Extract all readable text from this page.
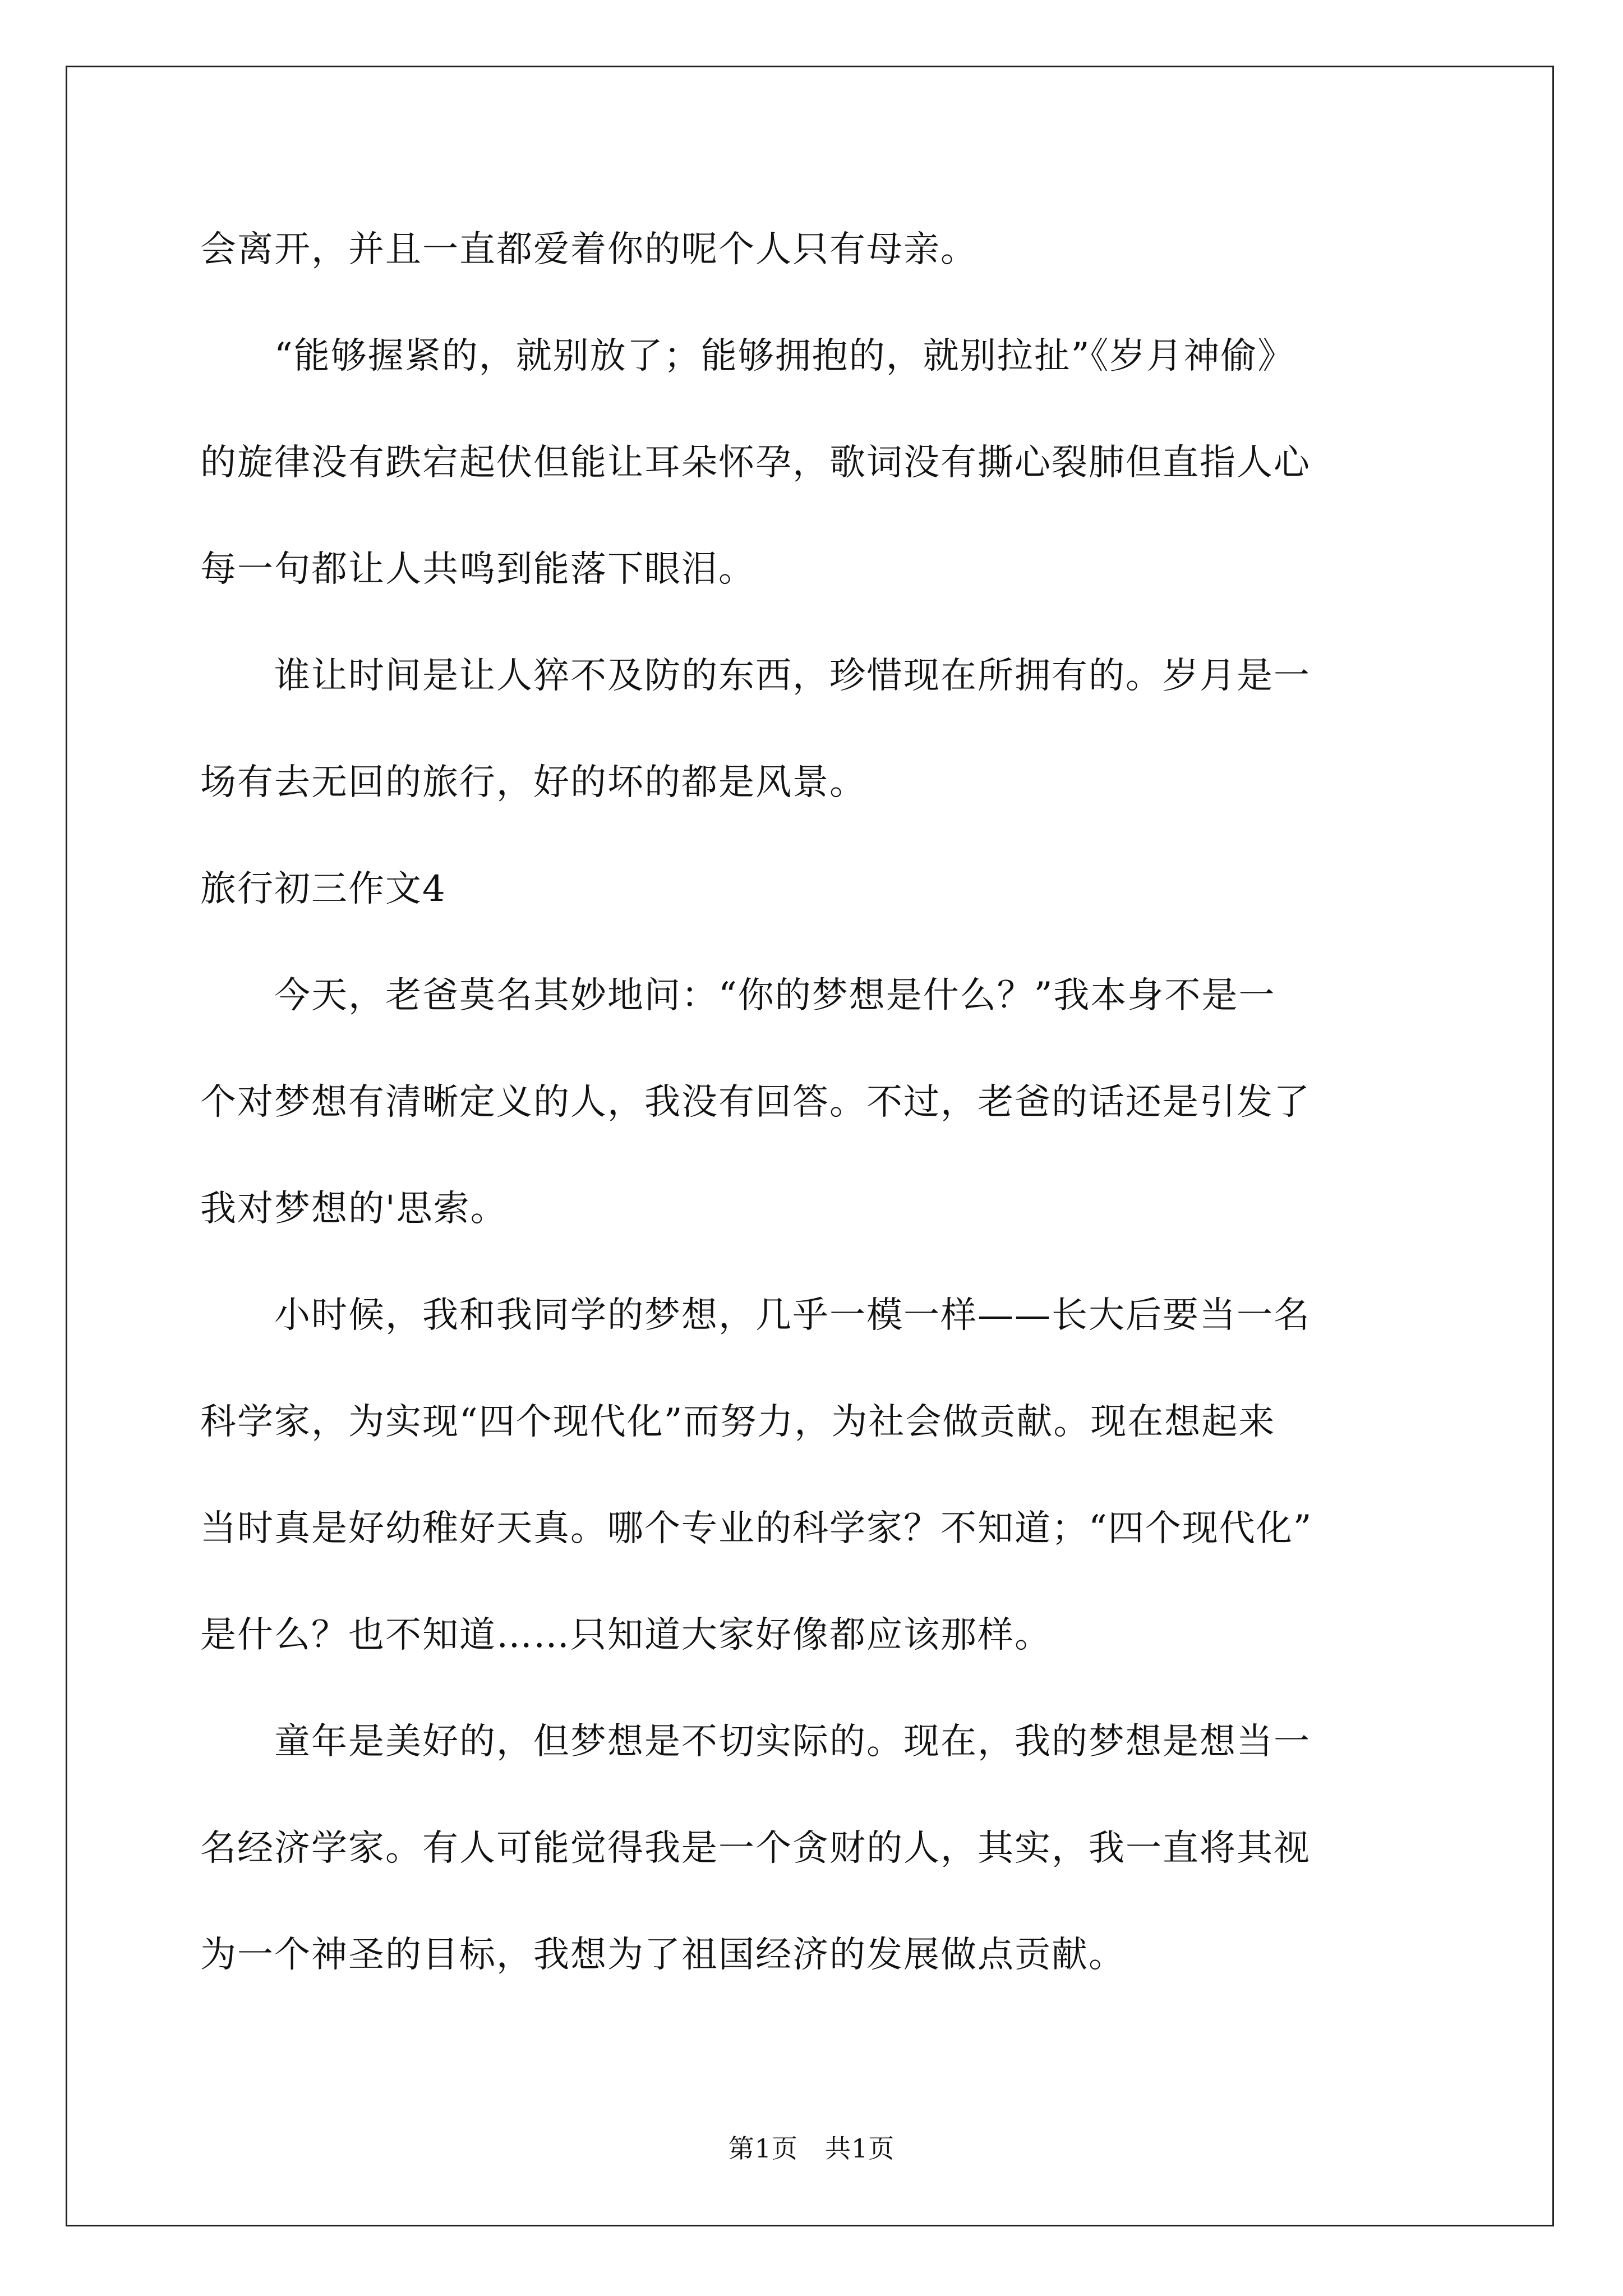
会离开，并且一直都爱着你的呢个人只有母亲。
　　“能够握紧的，就别放了；能够拥抱的，就别拉扯”《岁月神偷》
的旋律没有跌宕起伏但能让耳朵怀孕，歌词没有撕心裂肺但直指人心
每一句都让人共鸣到能落下眼泪。
　　谁让时间是让人猝不及防的东西，珍惜现在所拥有的。岁月是一
场有去无回的旅行，好的坏的都是风景。
旅行初三作文4
　　今天，老爸莫名其妙地问：“你的梦想是什么？”我本身不是一
个对梦想有清晰定义的人，我没有回答。不过，老爸的话还是引发了
我对梦想的'思索。
　　小时候，我和我同学的梦想，几乎一模一样——长大后要当一名
科学家，为实现“四个现代化”而努力，为社会做贡献。现在想起来
当时真是好幼稚好天真。哪个专业的科学家？不知道；“四个现代化”
是什么？也不知道……只知道大家好像都应该那样。
　　童年是美好的，但梦想是不切实际的。现在，我的梦想是想当一
名经济学家。有人可能觉得我是一个贪财的人，其实，我一直将其视
为一个神圣的目标，我想为了祖国经济的发展做点贡献。
第1页 共1页
